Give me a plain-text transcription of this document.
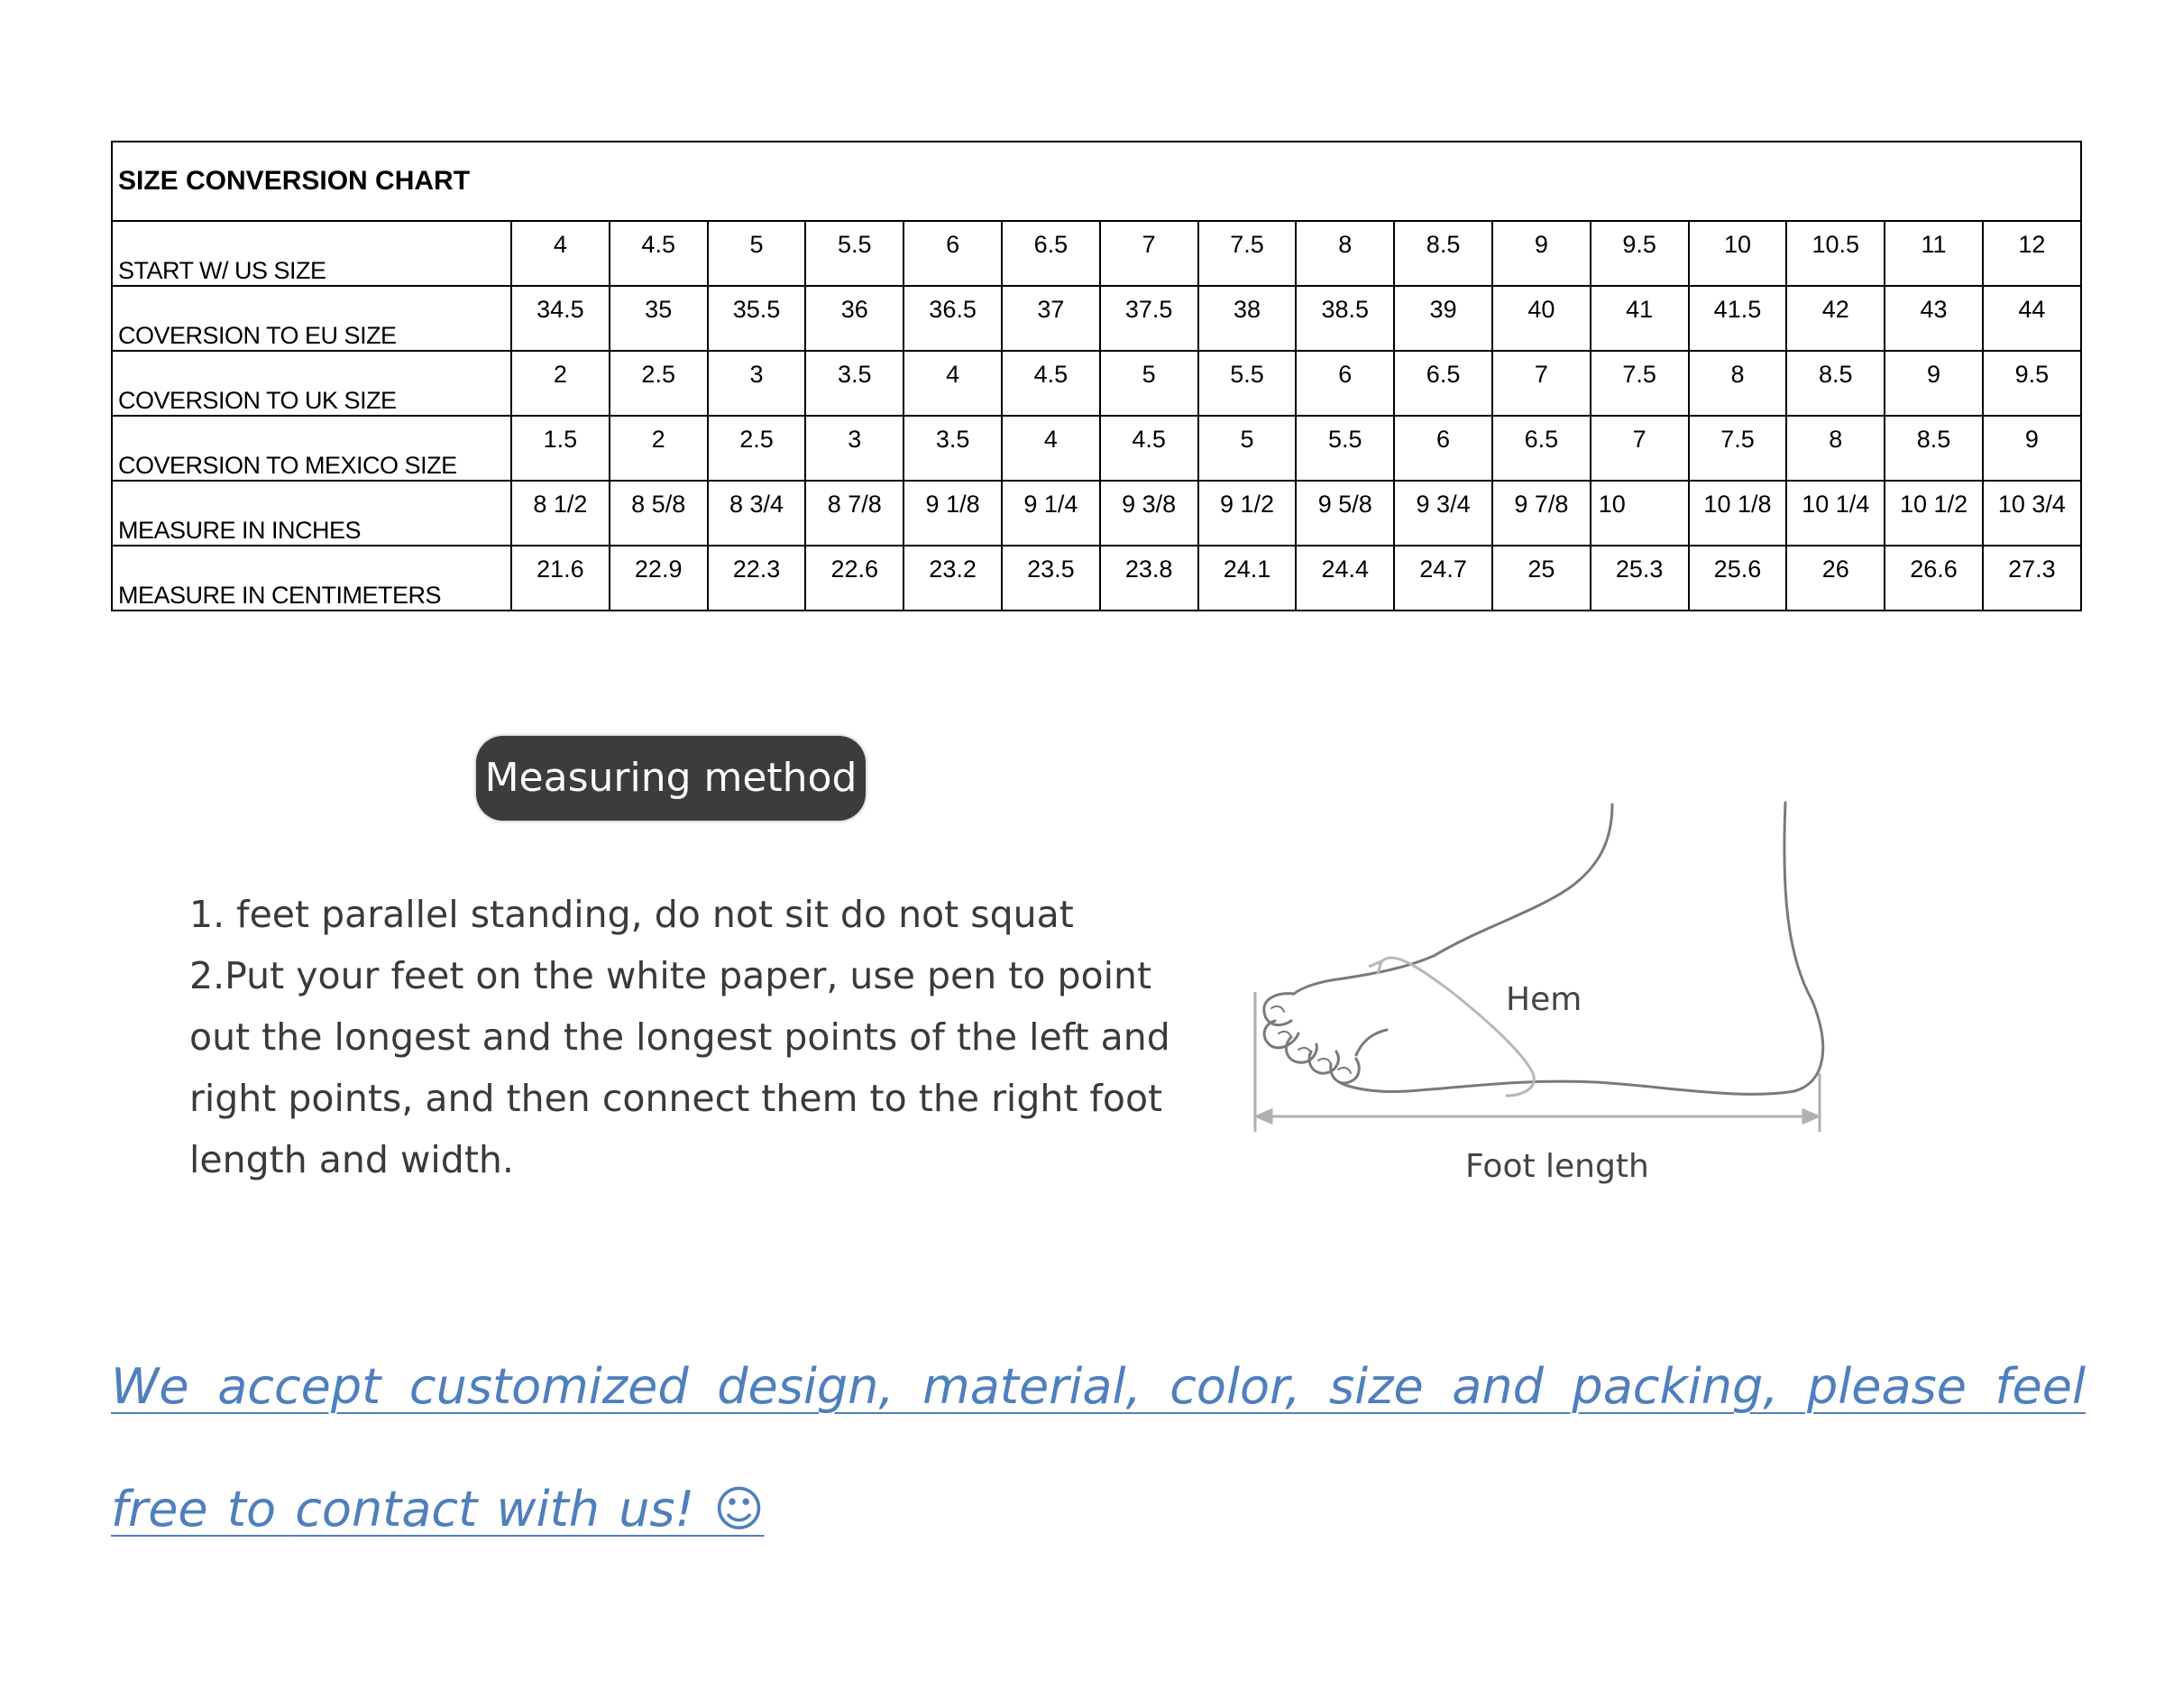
SIZE CONVERSION CHART																
START W/ US SIZE	4	4.5	5	5.5	6	6.5	7	7.5	8	8.5	9	9.5	10	10.5	11	12
COVERSION TO EU SIZE	34.5	35	35.5	36	36.5	37	37.5	38	38.5	39	40	41	41.5	42	43	44
COVERSION TO UK SIZE	2	2.5	3	3.5	4	4.5	5	5.5	6	6.5	7	7.5	8	8.5	9	9.5
COVERSION TO MEXICO SIZE	1.5	2	2.5	3	3.5	4	4.5	5	5.5	6	6.5	7	7.5	8	8.5	9
MEASURE IN INCHES	8 1/2	8 5/8	8 3/4	8 7/8	9 1/8	9 1/4	9 3/8	9 1/2	9 5/8	9 3/4	9 7/8	10	10 1/8	10 1/4	10 1/2	10 3/4
MEASURE IN CENTIMETERS	21.6	22.9	22.3	22.6	23.2	23.5	23.8	24.1	24.4	24.7	25	25.3	25.6	26	26.6	27.3
Measuring method
1. feet parallel standing, do not sit do not squat
2.Put your feet on the white paper, use pen to point
out the longest and the longest points of the left and
right points, and then connect them to the right foot
length and width.
Hem
Foot length
We accept customized design, material, color, size and packing, please feel free to contact with us! ☺
